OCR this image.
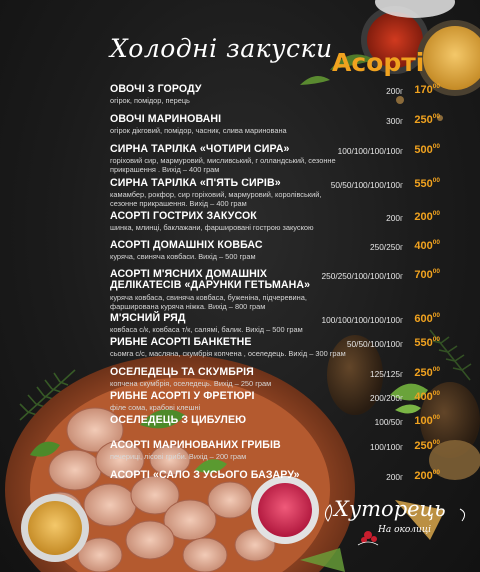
Холодні закуски Асорті
ОВОЧІ З ГОРОДУ
огірок, помідор, перець
200г	$170^{00}$
ОВОЧІ МАРИНОВАНІ
огірок дікговий, помідор, часник, слива маринована
300г	$250^{00}$
СИРНА ТАРІЛКА «ЧОТИРИ СИРА»
горіховий сир, мармуровий, мисливський, г олландський, сезонне прикрашення . Вихід – 400 грам
100/100/100/100г	$500^{00}$
СИРНА ТАРІЛКА «П'ЯТЬ СИРІВ»
камамбер, рокфор, сир горіховий, мармуровий, королівський, сезонне прикрашення. Вихід – 400 грам
50/50/100/100/100г	$550^{00}$
АСОРТІ ГОСТРИХ ЗАКУСОК
шинка, млинці, баклажани, фаршировані гострою закускою
200г	$200^{00}$
АСОРТІ ДОМАШНІХ КОВБАС
куряча, свиняча ковбаси. Вихід – 500 грам
250/250г	$400^{00}$
АСОРТІ М'ЯСНИХ ДОМАШНІХ ДЕЛІКАТЕСІВ «ДАРУНКИ ГЕТЬМАНА»
куряча ковбаса, свиняча ковбаса, буженіна, підчеревина, фарширована куряча ніжка. Вихід – 800 грам
250/250/100/100/100г	$700^{00}$
М'ЯСНИЙ РЯД
ковбаса с/к, ковбаса т/к, салямі, балик. Вихід – 500 грам
100/100/100/100/100г	$600^{00}$
РИБНЕ АСОРТІ БАНКЕТНЕ
сьомга с/с, масляна, скумбрія копчена , оселедець. Вихід – 300 грам
50/50/100/100г	$550^{00}$
ОСЕЛЕДЕЦЬ ТА СКУМБРІЯ
копчена скумбрія, оселедець. Вихід – 250 грам
125/125г	$250^{00}$
РИБНЕ АСОРТІ У ФРЕТЮРІ
філе сома, крабові клешні
200/200г	$400^{00}$
ОСЕЛЕДЕЦЬ З ЦИБУЛЕЮ	100/50г	$100^{00}$
АСОРТІ МАРИНОВАНИХ ГРИБІВ
печериці, лісові гриби. Вихід – 200 грам
100/100г	$250^{00}$
АСОРТІ «САЛО З УСЬОГО БАЗАРУ»	200г	$200^{00}$
Хуторець
На околиці
